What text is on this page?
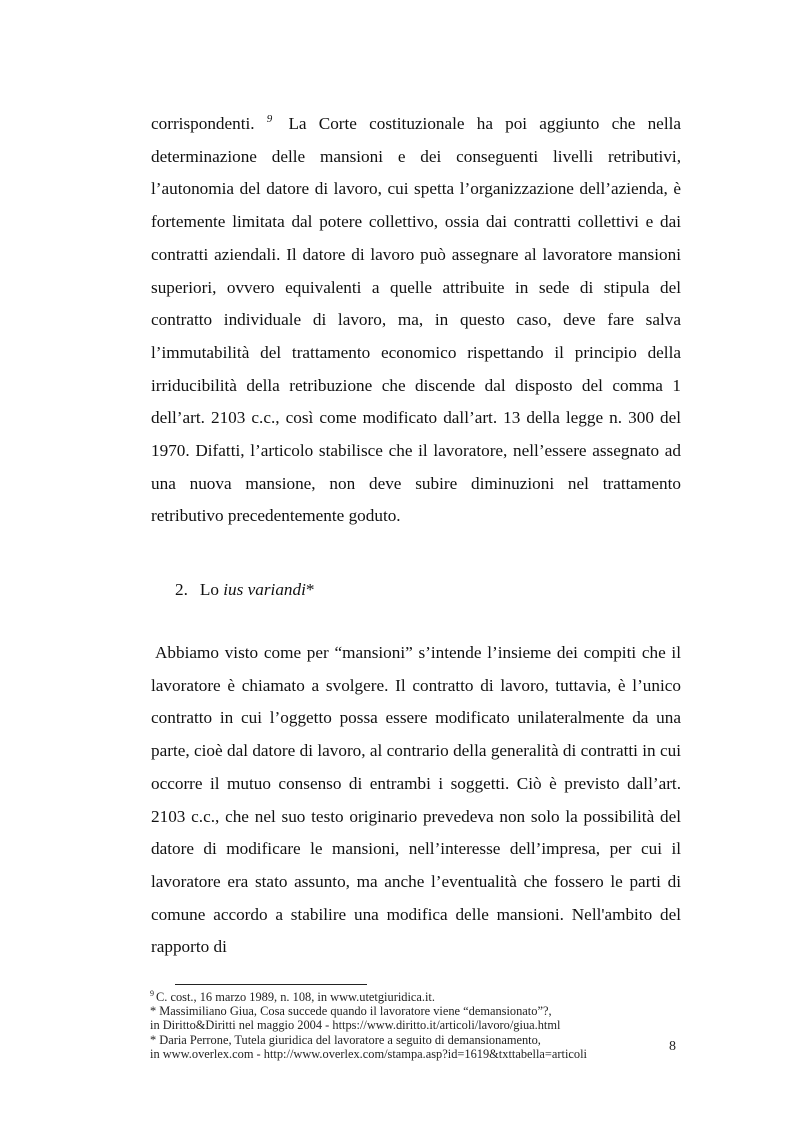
corrispondenti. $^9$ La Corte costituzionale ha poi aggiunto che nella determinazione delle mansioni e dei conseguenti livelli retributivi, l’autonomia del datore di lavoro, cui spetta l’organizzazione dell’azienda, è fortemente limitata dal potere collettivo, ossia dai contratti collettivi e dai contratti aziendali. Il datore di lavoro può assegnare al lavoratore mansioni superiori, ovvero equivalenti a quelle attribuite in sede di stipula del contratto individuale di lavoro, ma, in questo caso, deve fare salva l’immutabilità del trattamento economico rispettando il principio della irriducibilità della retribuzione che discende dal disposto del comma 1 dell’art. 2103 c.c., così come modificato dall’art. 13 della legge n. 300 del 1970. Difatti, l’articolo stabilisce che il lavoratore, nell’essere assegnato ad una nuova mansione, non deve subire diminuzioni nel trattamento retributivo precedentemente goduto.
2. Lo ius variandi*
Abbiamo visto come per “mansioni” s’intende l’insieme dei compiti che il lavoratore è chiamato a svolgere. Il contratto di lavoro, tuttavia, è l’unico contratto in cui l’oggetto possa essere modificato unilateralmente da una parte, cioè dal datore di lavoro, al contrario della generalità di contratti in cui occorre il mutuo consenso di entrambi i soggetti. Ciò è previsto dall’art. 2103 c.c., che nel suo testo originario prevedeva non solo la possibilità del datore di modificare le mansioni, nell’interesse dell’impresa, per cui il lavoratore era stato assunto, ma anche l’eventualità che fossero le parti di comune accordo a stabilire una modifica delle mansioni. Nell'ambito del rapporto di
$^9$ C. cost., 16 marzo 1989, n. 108, in www.utetgiuridica.it.
* Massimiliano Giua, Cosa succede quando il lavoratore viene “demansionato”?,
in Diritto&Diritti nel maggio 2004 - https://www.diritto.it/articoli/lavoro/giua.html
* Daria Perrone, Tutela giuridica del lavoratore a seguito di demansionamento,
in www.overlex.com - http://www.overlex.com/stampa.asp?id=1619&txttabella=articoli	8
